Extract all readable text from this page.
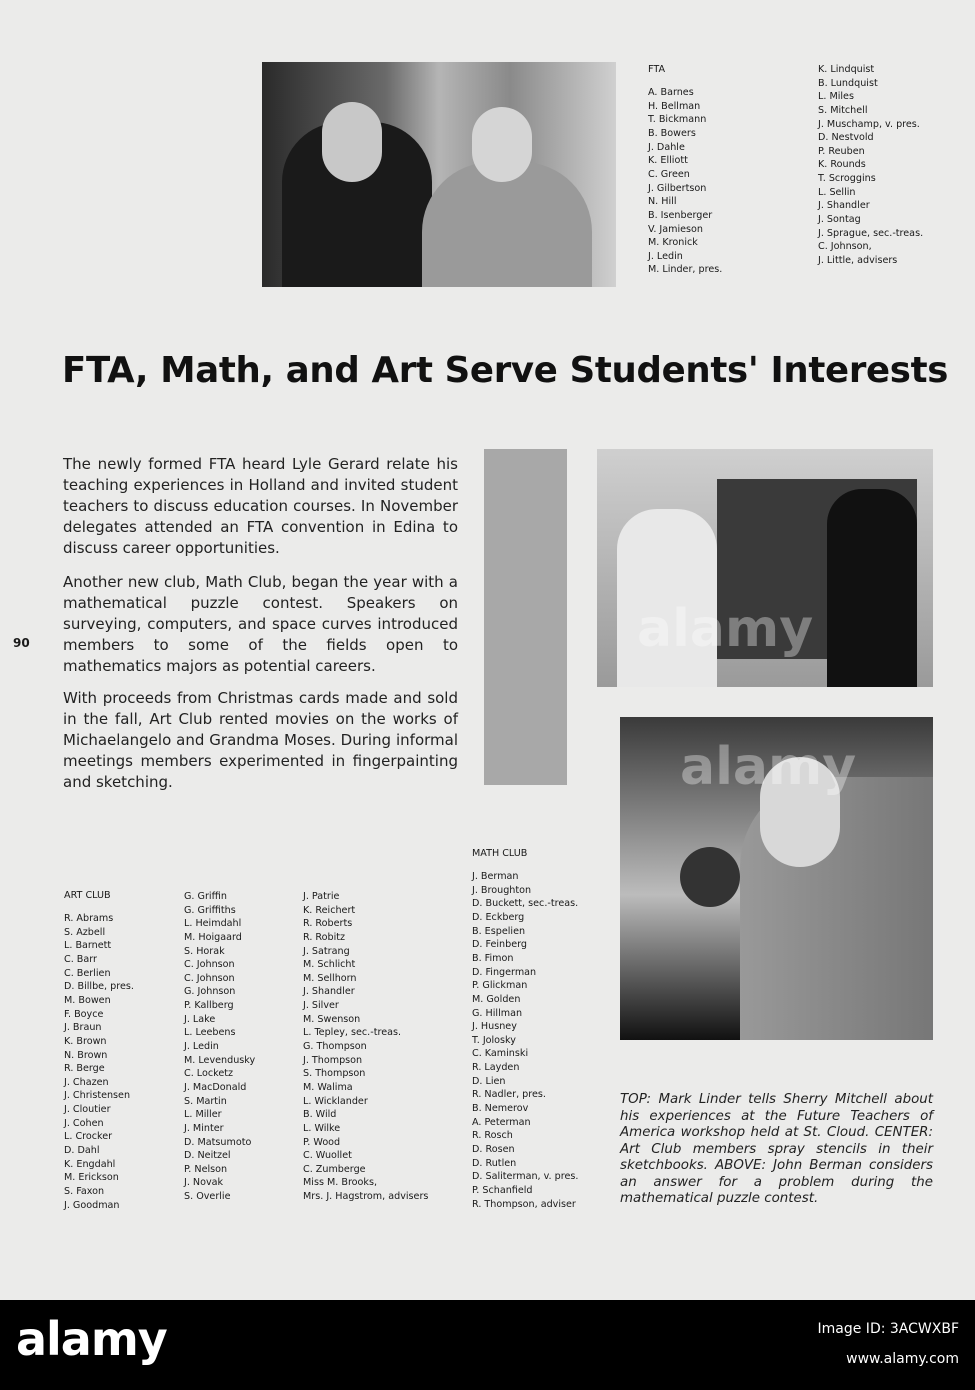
alamy
alamy
FTA
A. Barnes
H. Bellman
T. Bickmann
B. Bowers
J. Dahle
K. Elliott
C. Green
J. Gilbertson
N. Hill
B. Isenberger
V. Jamieson
M. Kronick
J. Ledin
M. Linder, pres.
K. Lindquist
B. Lundquist
L. Miles
S. Mitchell
J. Muschamp, v. pres.
D. Nestvold
P. Reuben
K. Rounds
T. Scroggins
L. Sellin
J. Shandler
J. Sontag
J. Sprague, sec.-treas.
C. Johnson,
J. Little, advisers
FTA, Math, and Art Serve Students' Interests
The newly formed FTA heard Lyle Gerard relate his teaching experiences in Holland and invited student teachers to discuss education courses. In November delegates attended an FTA convention in Edina to discuss career opportunities.
Another new club, Math Club, began the year with a mathematical puzzle contest. Speakers on surveying, computers, and space curves introduced members to some of the fields open to mathematics majors as potential careers.
With proceeds from Christmas cards made and sold in the fall, Art Club rented movies on the works of Michaelangelo and Grandma Moses. During informal meetings members experimented in fingerpainting and sketching.
90
ART CLUB
R. Abrams
S. Azbell
L. Barnett
C. Barr
C. Berlien
D. Billbe, pres.
M. Bowen
F. Boyce
J. Braun
K. Brown
N. Brown
R. Berge
J. Chazen
J. Christensen
J. Cloutier
J. Cohen
L. Crocker
D. Dahl
K. Engdahl
M. Erickson
S. Faxon
J. Goodman
G. Griffin
G. Griffiths
L. Heimdahl
M. Hoigaard
S. Horak
C. Johnson
C. Johnson
G. Johnson
P. Kallberg
J. Lake
L. Leebens
J. Ledin
M. Levendusky
C. Locketz
J. MacDonald
S. Martin
L. Miller
J. Minter
D. Matsumoto
D. Neitzel
P. Nelson
J. Novak
S. Overlie
J. Patrie
K. Reichert
R. Roberts
R. Robitz
J. Satrang
M. Schlicht
M. Sellhorn
J. Shandler
J. Silver
M. Swenson
L. Tepley, sec.-treas.
G. Thompson
J. Thompson
S. Thompson
M. Walima
L. Wicklander
B. Wild
L. Wilke
P. Wood
C. Wuollet
C. Zumberge
Miss M. Brooks,
Mrs. J. Hagstrom, advisers
MATH CLUB
J. Berman
J. Broughton
D. Buckett, sec.-treas.
D. Eckberg
B. Espelien
D. Feinberg
B. Fimon
D. Fingerman
P. Glickman
M. Golden
G. Hillman
J. Husney
T. Jolosky
C. Kaminski
R. Layden
D. Lien
R. Nadler, pres.
B. Nemerov
A. Peterman
R. Rosch
D. Rosen
D. Rutlen
D. Saliterman, v. pres.
P. Schanfield
R. Thompson, adviser
TOP: Mark Linder tells Sherry Mitchell about his experiences at the Future Teachers of America workshop held at St. Cloud. CENTER: Art Club members spray stencils in their sketchbooks. ABOVE: John Berman considers an answer for a problem during the mathematical puzzle contest.
alamy	Image ID: 3ACWXBF
www.alamy.com
